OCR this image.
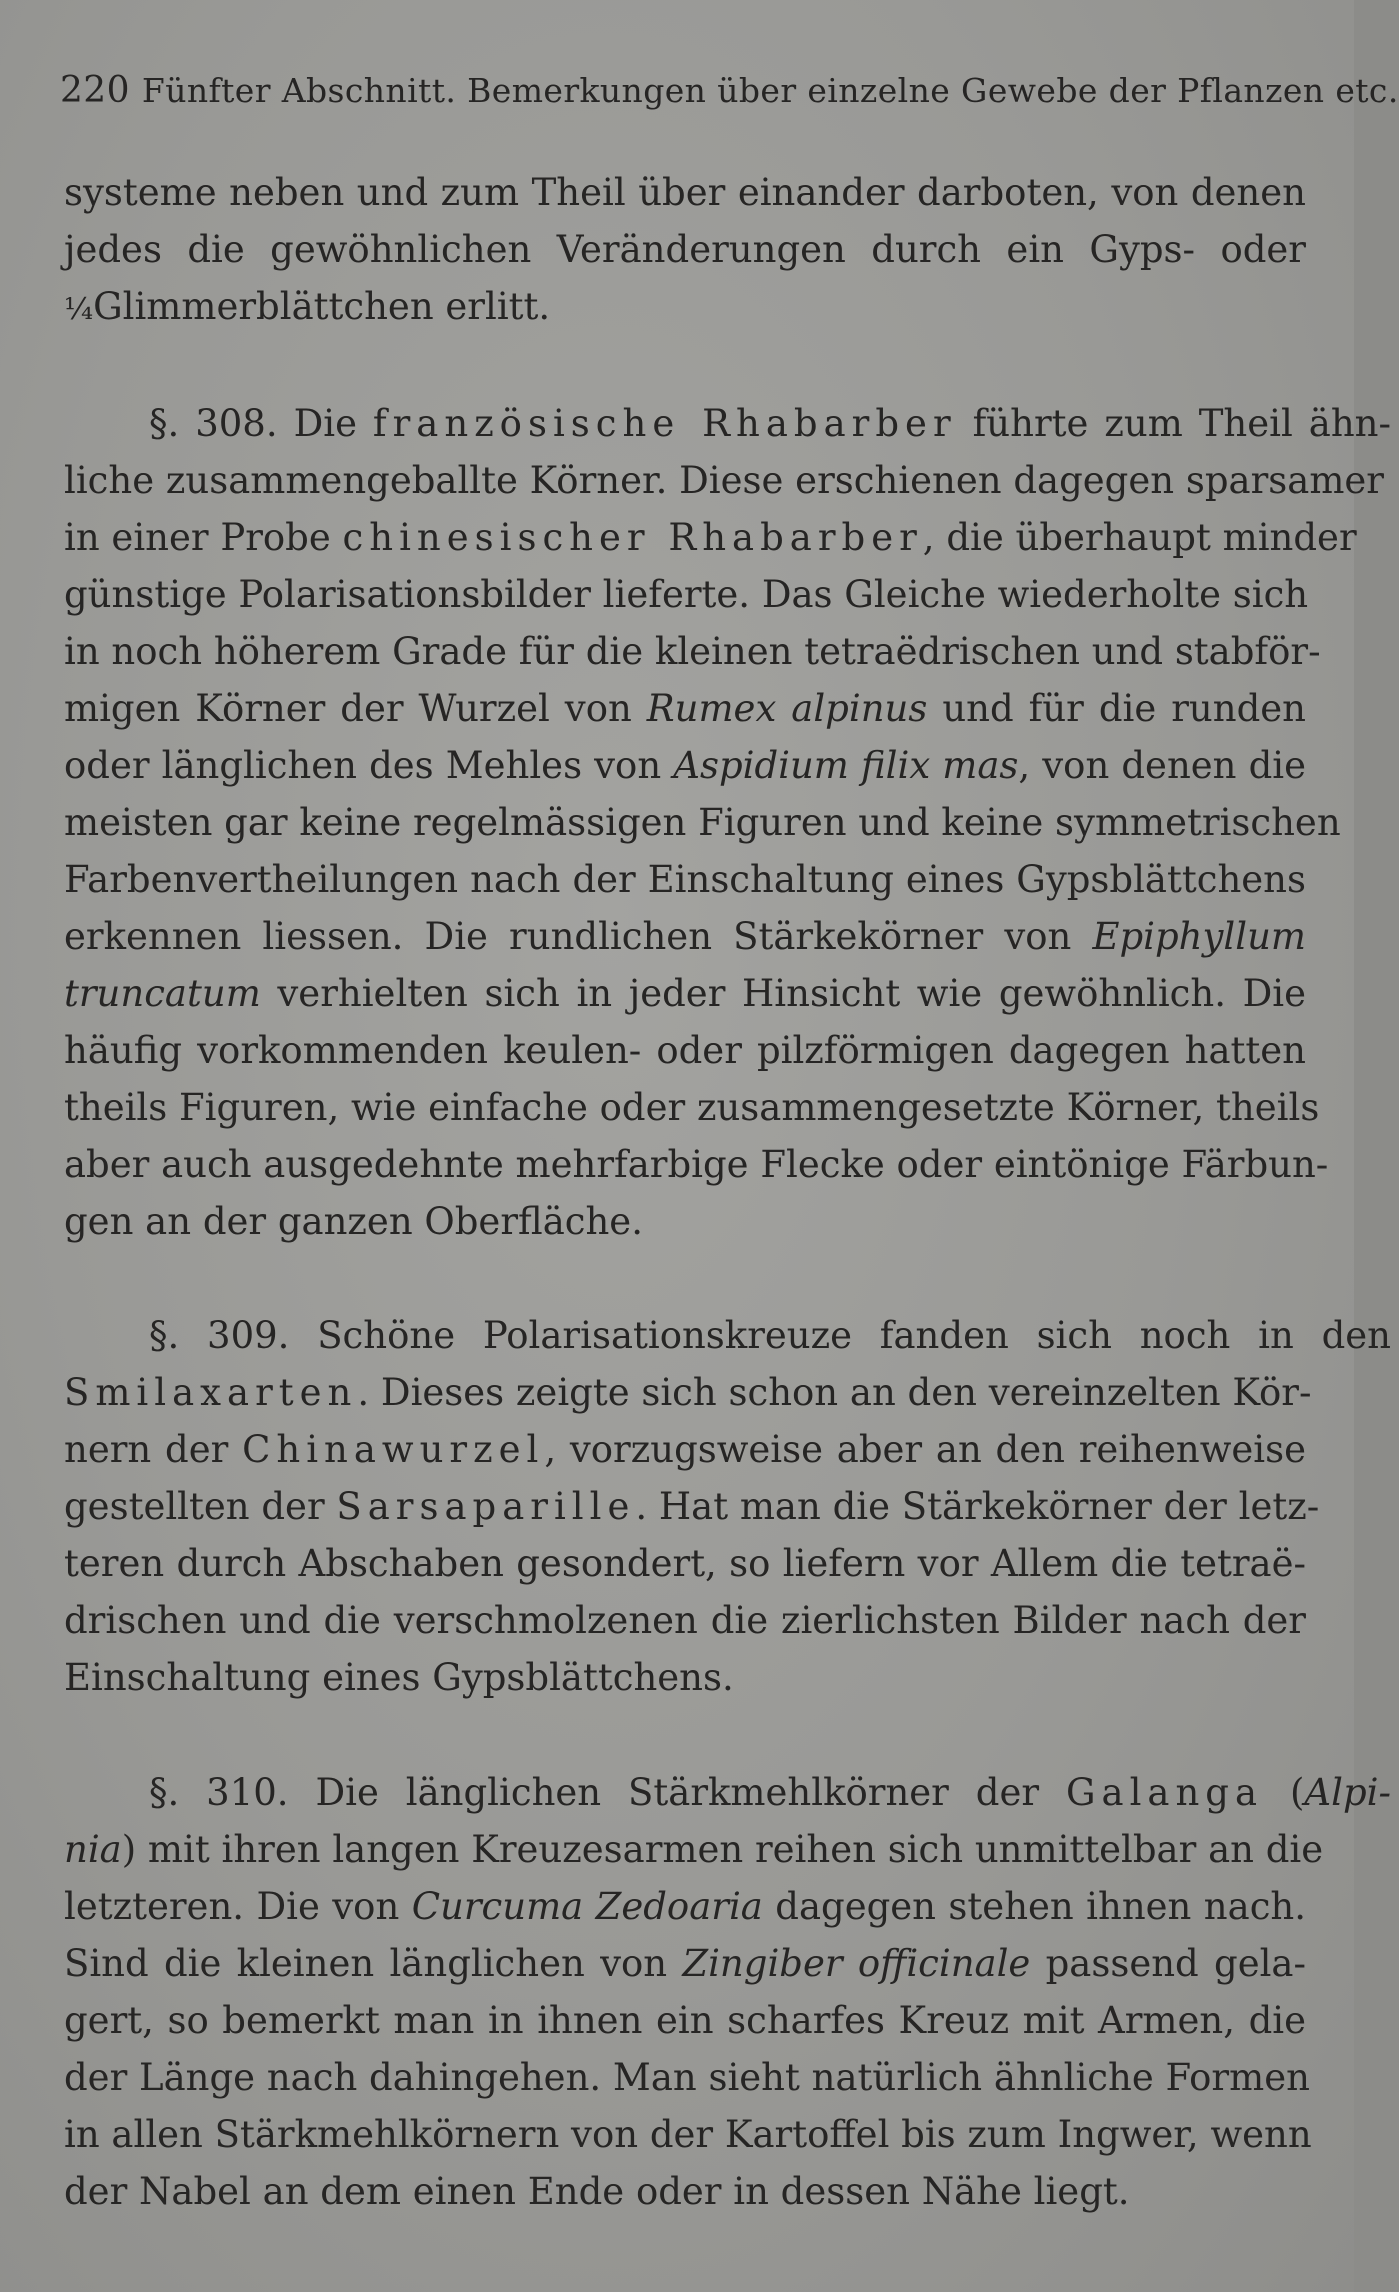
220 Fünfter Abschnitt. Bemerkungen über einzelne Gewebe der Pflanzen etc.
systeme neben und zum Theil über einander darboten, von denen
jedes die gewöhnlichen Veränderungen durch ein Gyps- oder
¼Glimmerblättchen erlitt.
§. 308. Die französische Rhabarber führte zum Theil ähn-
liche zusammengeballte Körner. Diese erschienen dagegen sparsamer
in einer Probe chinesischer Rhabarber, die überhaupt minder
günstige Polarisationsbilder lieferte. Das Gleiche wiederholte sich
in noch höherem Grade für die kleinen tetraëdrischen und stabför-
migen Körner der Wurzel von Rumex alpinus und für die runden
oder länglichen des Mehles von Aspidium filix mas, von denen die
meisten gar keine regelmässigen Figuren und keine symmetrischen
Farbenvertheilungen nach der Einschaltung eines Gypsblättchens
erkennen liessen. Die rundlichen Stärkekörner von Epiphyllum
truncatum verhielten sich in jeder Hinsicht wie gewöhnlich. Die
häufig vorkommenden keulen- oder pilzförmigen dagegen hatten
theils Figuren, wie einfache oder zusammengesetzte Körner, theils
aber auch ausgedehnte mehrfarbige Flecke oder eintönige Färbun-
gen an der ganzen Oberfläche.
§. 309. Schöne Polarisationskreuze fanden sich noch in den
Smilaxarten. Dieses zeigte sich schon an den vereinzelten Kör-
nern der Chinawurzel, vorzugsweise aber an den reihenweise
gestellten der Sarsaparille. Hat man die Stärkekörner der letz-
teren durch Abschaben gesondert, so liefern vor Allem die tetraë-
drischen und die verschmolzenen die zierlichsten Bilder nach der
Einschaltung eines Gypsblättchens.
§. 310. Die länglichen Stärkmehlkörner der Galanga (Alpi-
nia) mit ihren langen Kreuzesarmen reihen sich unmittelbar an die
letzteren. Die von Curcuma Zedoaria dagegen stehen ihnen nach.
Sind die kleinen länglichen von Zingiber officinale passend gela-
gert, so bemerkt man in ihnen ein scharfes Kreuz mit Armen, die
der Länge nach dahingehen. Man sieht natürlich ähnliche Formen
in allen Stärkmehlkörnern von der Kartoffel bis zum Ingwer, wenn
der Nabel an dem einen Ende oder in dessen Nähe liegt.
